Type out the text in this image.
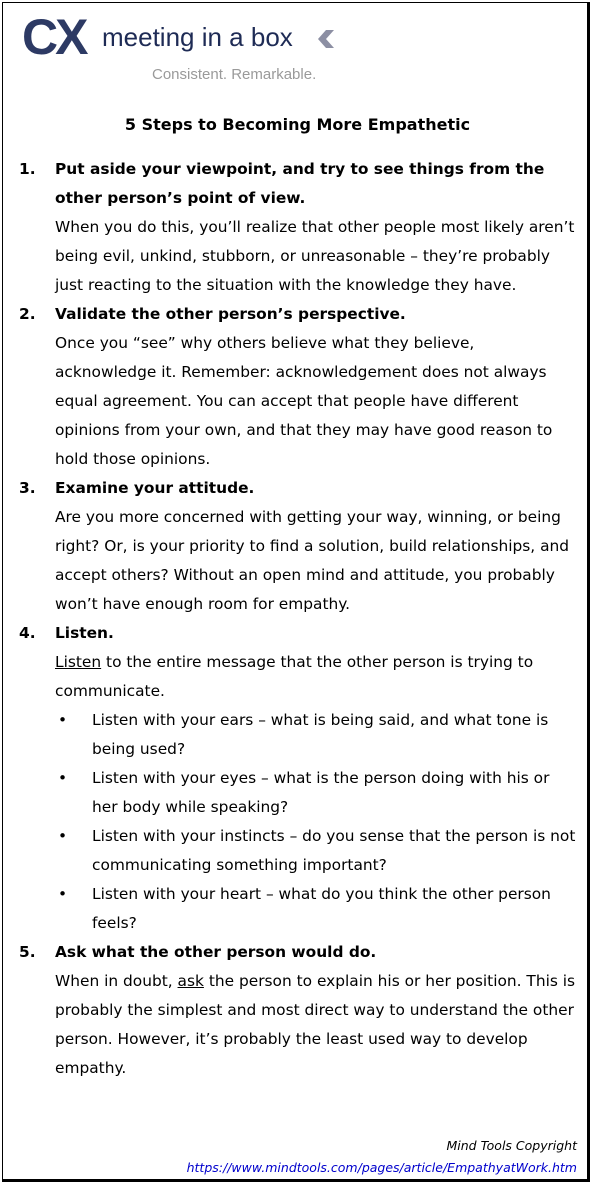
CX meeting in a box
Consistent. Remarkable.
5 Steps to Becoming More Empathetic
1. Put aside your viewpoint, and try to see things from the other person’s point of view.
When you do this, you’ll realize that other people most likely aren’t being evil, unkind, stubborn, or unreasonable – they’re probably just reacting to the situation with the knowledge they have.
2. Validate the other person’s perspective.
Once you “see” why others believe what they believe, acknowledge it. Remember: acknowledgement does not always equal agreement. You can accept that people have different opinions from your own, and that they may have good reason to hold those opinions.
3. Examine your attitude.
Are you more concerned with getting your way, winning, or being right? Or, is your priority to find a solution, build relationships, and accept others? Without an open mind and attitude, you probably won’t have enough room for empathy.
4. Listen.
Listen to the entire message that the other person is trying to communicate.
• Listen with your ears – what is being said, and what tone is being used?
• Listen with your eyes – what is the person doing with his or her body while speaking?
• Listen with your instincts – do you sense that the person is not communicating something important?
• Listen with your heart – what do you think the other person feels?
5. Ask what the other person would do.
When in doubt, ask the person to explain his or her position. This is probably the simplest and most direct way to understand the other person. However, it’s probably the least used way to develop empathy.
Mind Tools Copyright
https://www.mindtools.com/pages/article/EmpathyatWork.htm
